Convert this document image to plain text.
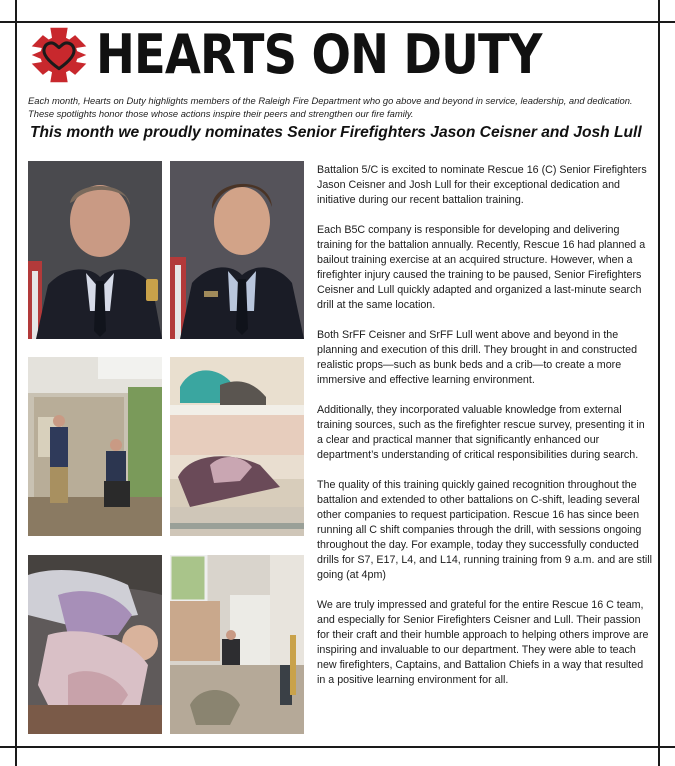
HEARTS ON DUTY
Each month, Hearts on Duty highlights members of the Raleigh Fire Department who go above and beyond in service, leadership, and dedication. These spotlights honor those whose actions inspire their peers and strengthen our fire family.
This month we proudly nominates Senior Firefighters Jason Ceisner and Josh Lull

Battalion 5/C is excited to nominate Rescue 16 (C) Senior Firefighters Jason Ceisner and Josh Lull for their exceptional dedication and initiative during our recent battalion training.

Each B5C company is responsible for developing and delivering training for the battalion annually. Recently, Rescue 16 had planned a bailout training exercise at an acquired structure. However, when a firefighter injury caused the training to be paused, Senior Firefighters Ceisner and Lull quickly adapted and organized a last-minute search drill at the same location.

Both SrFF Ceisner and SrFF Lull went above and beyond in the planning and execution of this drill. They brought in and constructed realistic props—such as bunk beds and a crib—to create a more immersive and effective learning environment.

Additionally, they incorporated valuable knowledge from external training sources, such as the firefighter rescue survey, presenting it in a clear and practical manner that significantly enhanced our department’s understanding of critical responsibilities during search.

The quality of this training quickly gained recognition throughout the battalion and extended to other battalions on C-shift, leading several other companies to request participation. Rescue 16 has since been running all C shift companies through the drill, with sessions ongoing throughout the day. For example, today they successfully conducted drills for S7, E17, L4, and L14, running training from 9 a.m. and are still going (at 4pm)

We are truly impressed and grateful for the entire Rescue 16 C team, and especially for Senior Firefighters Ceisner and Lull. Their passion for their craft and their humble approach to helping others improve are inspiring and invaluable to our department. They were able to teach new firefighters, Captains, and Battalion Chiefs in a way that resulted in a positive learning environment for all.
